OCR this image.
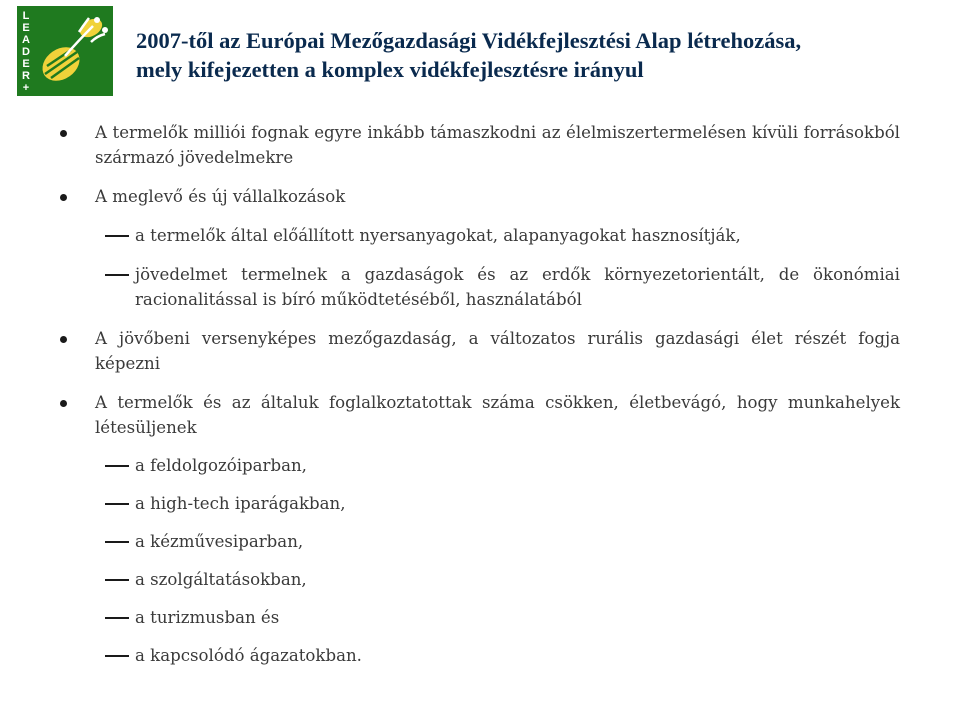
L
E
A
D
E
R
+
2007-től az Európai Mezőgazdasági Vidékfejlesztési Alap létrehozása,
mely kifejezetten a komplex vidékfejlesztésre irányul
A termelők milliói fognak egyre inkább támaszkodni az élelmiszertermelésen kívüli forrásokból származó jövedelmekre
A meglevő és új vállalkozások
a termelők által előállított nyersanyagokat, alapanyagokat hasznosítják,
jövedelmet termelnek a gazdaságok és az erdők környezetorientált, de ökonómiai racionalitással is bíró működtetéséből, használatából
A jövőbeni versenyképes mezőgazdaság, a változatos rurális gazdasági élet részét fogja képezni
A termelők és az általuk foglalkoztatottak száma csökken, életbevágó, hogy munkahelyek létesüljenek
a feldolgozóiparban,
a high-tech iparágakban,
a kézművesiparban,
a szolgáltatásokban,
a turizmusban és
a kapcsolódó ágazatokban.
